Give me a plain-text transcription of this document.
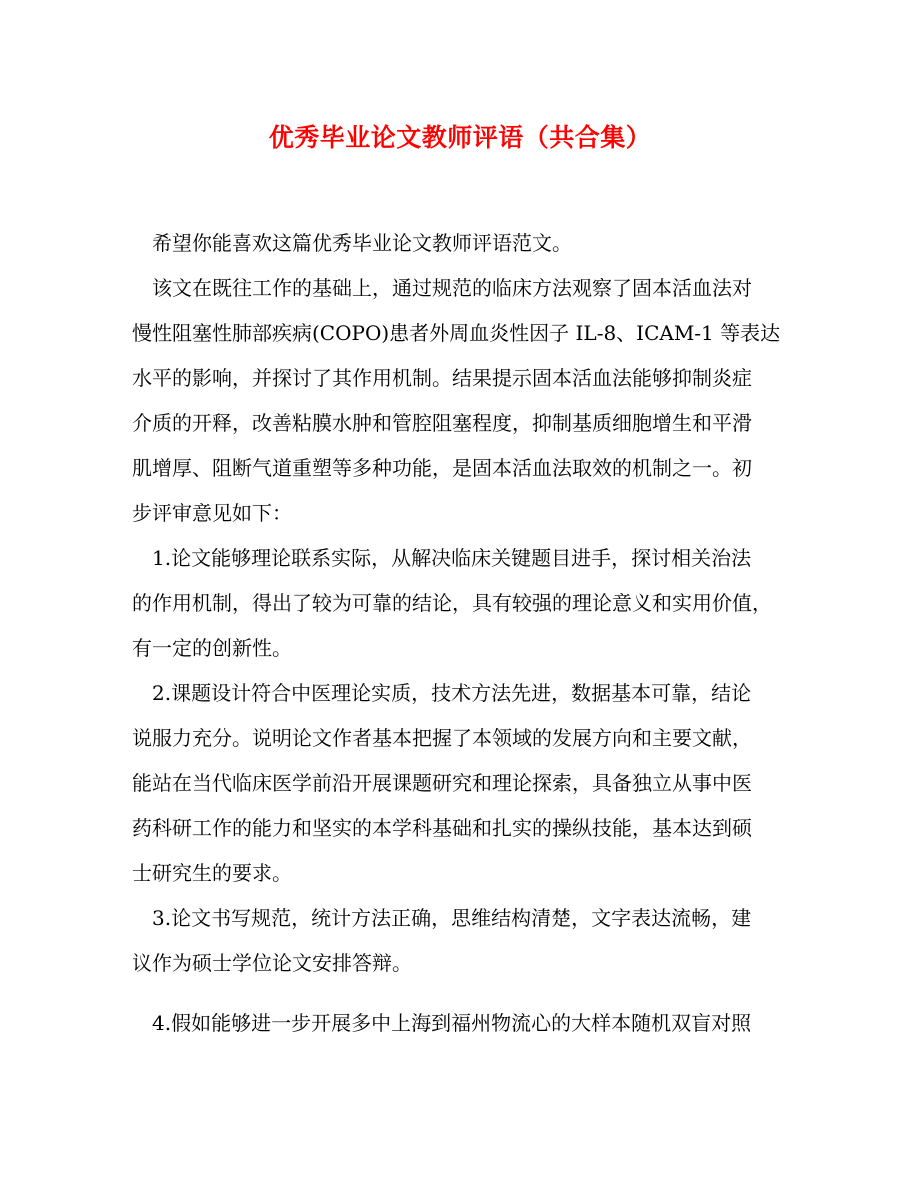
优秀毕业论文教师评语（共合集）
希望你能喜欢这篇优秀毕业论文教师评语范文。
该文在既往工作的基础上，通过规范的临床方法观察了固本活血法对
慢性阻塞性肺部疾病(COPO)患者外周血炎性因子 IL-8、ICAM-1 等表达
水平的影响，并探讨了其作用机制。结果提示固本活血法能够抑制炎症
介质的开释，改善粘膜水肿和管腔阻塞程度，抑制基质细胞增生和平滑
肌增厚、阻断气道重塑等多种功能，是固本活血法取效的机制之一。初
步评审意见如下：
1.论文能够理论联系实际，从解决临床关键题目进手，探讨相关治法
的作用机制，得出了较为可靠的结论，具有较强的理论意义和实用价值，
有一定的创新性。
2.课题设计符合中医理论实质，技术方法先进，数据基本可靠，结论
说服力充分。说明论文作者基本把握了本领域的发展方向和主要文献，
能站在当代临床医学前沿开展课题研究和理论探索，具备独立从事中医
药科研工作的能力和坚实的本学科基础和扎实的操纵技能，基本达到硕
士研究生的要求。
3.论文书写规范，统计方法正确，思维结构清楚，文字表达流畅，建
议作为硕士学位论文安排答辩。
4.假如能够进一步开展多中上海到福州物流心的大样本随机双盲对照
